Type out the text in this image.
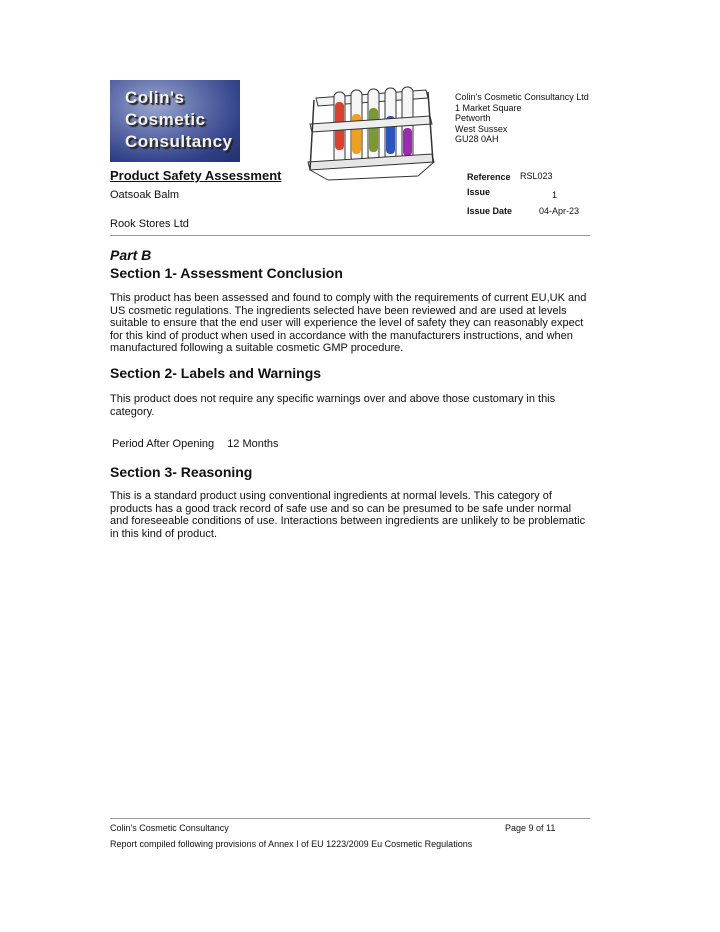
Colin's
Cosmetic
Consultancy
Colin's Cosmetic Consultancy Ltd
1 Market Square
Petworth
West Sussex
GU28 0AH
Product Safety Assessment
Oatsoak Balm
Rook Stores Ltd
Reference RSL023
Issue	1
Issue Date	04-Apr-23
Part B
Section 1- Assessment Conclusion

This product has been assessed and found to comply with the requirements of current EU,UK and US cosmetic regulations. The ingredients selected have been reviewed and are used at levels suitable to ensure that the end user will experience the level of safety they can reasonably expect for this kind of product when used in accordance with the manufacturers instructions, and when manufactured following a suitable cosmetic GMP procedure.

Section 2- Labels and Warnings

This product does not require any specific warnings over and above those customary in this category.

Period After Opening 12 Months
Section 3- Reasoning

This is a standard product using conventional ingredients at normal levels. This category of products has a good track record of safe use and so can be presumed to be safe under normal and foreseeable conditions of use. Interactions between ingredients are unlikely to be problematic in this kind of product.

Colin's Cosmetic Consultancy	Page 9 of 11
Report compiled following provisions of Annex I of EU 1223/2009 Eu Cosmetic Regulations
